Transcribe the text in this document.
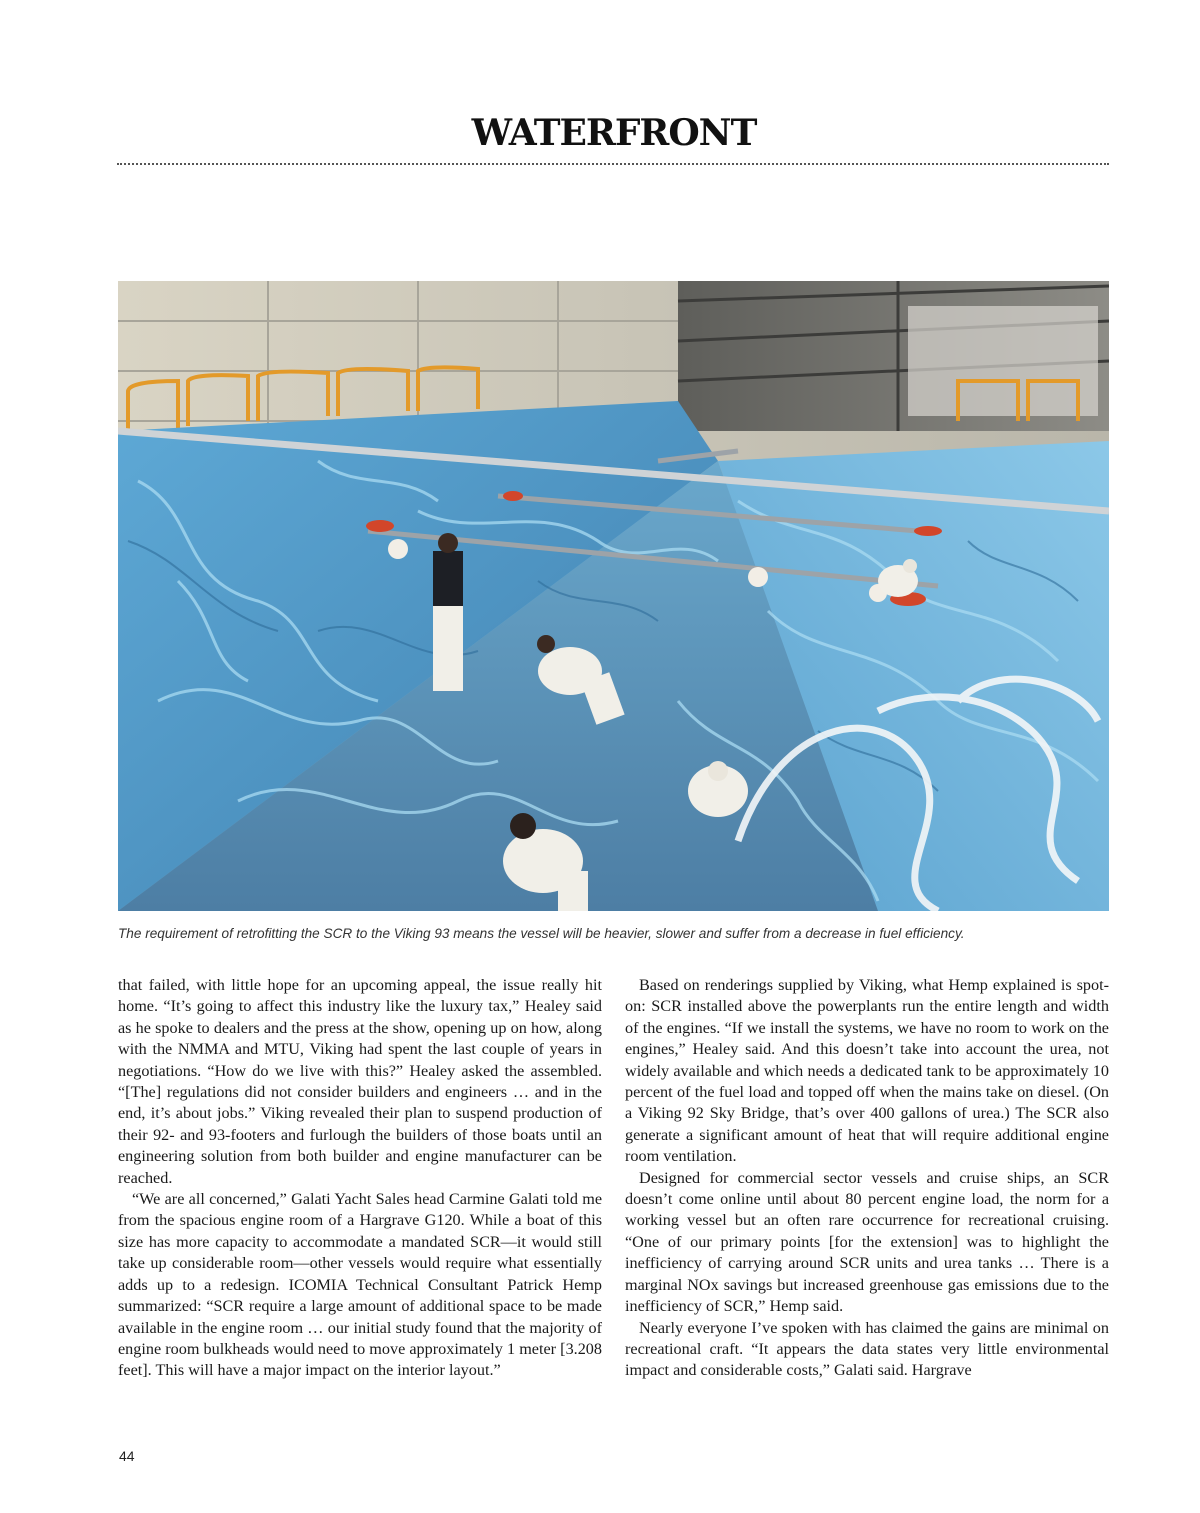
WATERFRONT
The requirement of retrofitting the SCR to the Viking 93 means the vessel will be heavier, slower and suffer from a decrease in fuel efficiency.

that failed, with little hope for an upcoming appeal, the issue really hit home. “It’s going to affect this industry like the luxury tax,” Healey said as he spoke to dealers and the press at the show, opening up on how, along with the NMMA and MTU, Viking had spent the last couple of years in negotiations. “How do we live with this?” Healey asked the assembled. “[The] regulations did not consider builders and engineers … and in the end, it’s about jobs.” Viking revealed their plan to suspend production of their 92- and 93-footers and furlough the builders of those boats until an engineering solution from both builder and engine manufacturer can be reached.

“We are all concerned,” Galati Yacht Sales head Carmine Galati told me from the spacious engine room of a Hargrave G120. While a boat of this size has more capacity to accommodate a mandated SCR—it would still take up considerable room—other vessels would require what essentially adds up to a redesign. ICOMIA Technical Consultant Patrick Hemp summarized: “SCR require a large amount of additional space to be made available in the engine room … our initial study found that the majority of engine room bulkheads would need to move approximately 1 meter [3.208 feet]. This will have a major impact on the interior layout.”

Based on renderings supplied by Viking, what Hemp explained is spot-on: SCR installed above the powerplants run the entire length and width of the engines. “If we install the systems, we have no room to work on the engines,” Healey said. And this doesn’t take into account the urea, not widely available and which needs a dedicated tank to be approximately 10 percent of the fuel load and topped off when the mains take on diesel. (On a Viking 92 Sky Bridge, that’s over 400 gallons of urea.) The SCR also generate a significant amount of heat that will require additional engine room ventilation.

Designed for commercial sector vessels and cruise ships, an SCR doesn’t come online until about 80 percent engine load, the norm for a working vessel but an often rare occurrence for recreational cruising. “One of our primary points [for the extension] was to highlight the inefficiency of carrying around SCR units and urea tanks … There is a marginal NOx savings but increased greenhouse gas emissions due to the inefficiency of SCR,” Hemp said.

Nearly everyone I’ve spoken with has claimed the gains are minimal on recreational craft. “It appears the data states very little environmental impact and considerable costs,” Galati said. Hargrave

44
